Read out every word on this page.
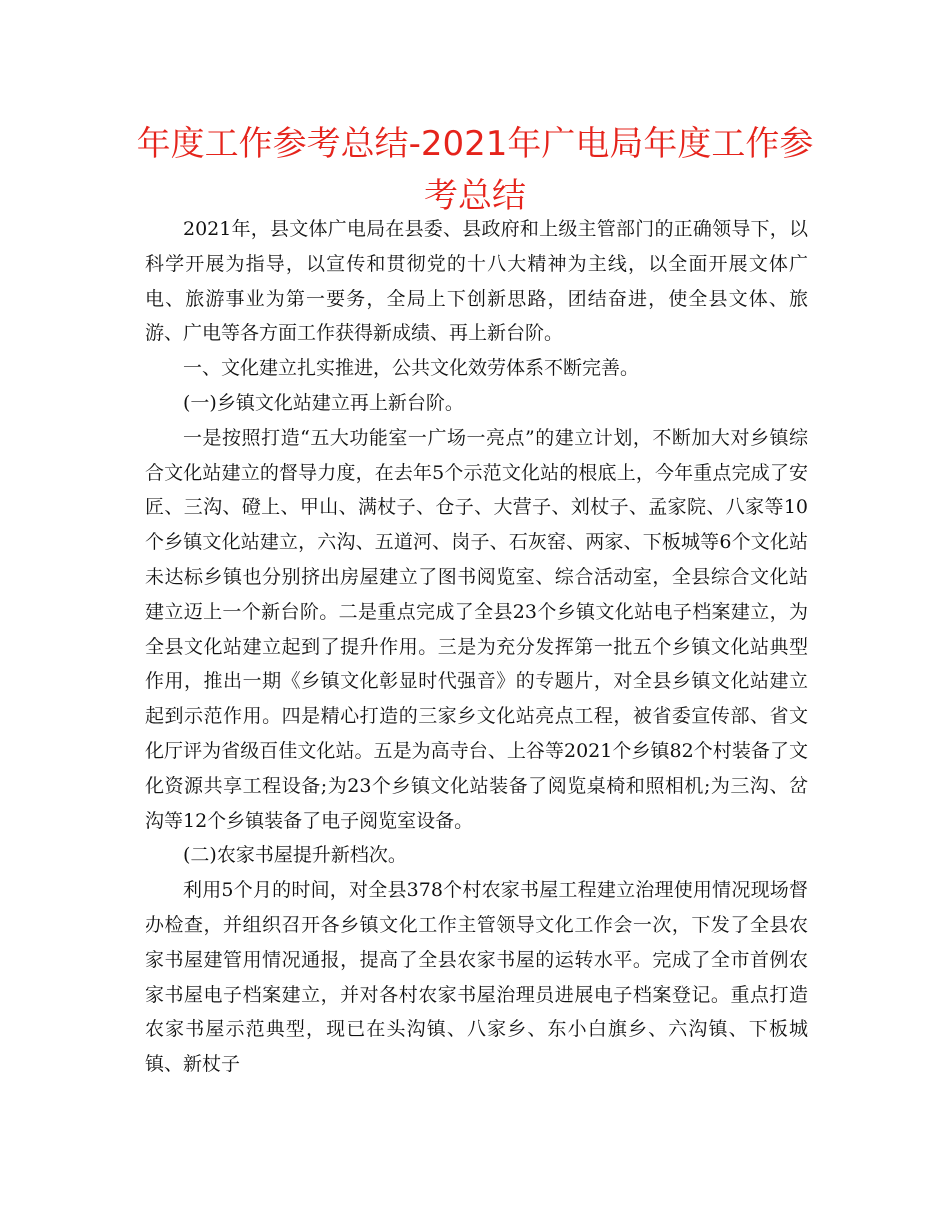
年度工作参考总结-2021年广电局年度工作参考总结

2021年，县文体广电局在县委、县政府和上级主管部门的正确领导下，以科学开展为指导，以宣传和贯彻党的十八大精神为主线，以全面开展文体广电、旅游事业为第一要务，全局上下创新思路，团结奋进，使全县文体、旅游、广电等各方面工作获得新成绩、再上新台阶。

一、文化建立扎实推进，公共文化效劳体系不断完善。

(一)乡镇文化站建立再上新台阶。

一是按照打造“五大功能室一广场一亮点”的建立计划，不断加大对乡镇综合文化站建立的督导力度，在去年5个示范文化站的根底上，今年重点完成了安匠、三沟、磴上、甲山、满杖子、仓子、大营子、刘杖子、孟家院、八家等10个乡镇文化站建立，六沟、五道河、岗子、石灰窑、两家、下板城等6个文化站未达标乡镇也分别挤出房屋建立了图书阅览室、综合活动室，全县综合文化站建立迈上一个新台阶。二是重点完成了全县23个乡镇文化站电子档案建立，为全县文化站建立起到了提升作用。三是为充分发挥第一批五个乡镇文化站典型作用，推出一期《乡镇文化彰显时代强音》的专题片，对全县乡镇文化站建立起到示范作用。四是精心打造的三家乡文化站亮点工程，被省委宣传部、省文化厅评为省级百佳文化站。五是为高寺台、上谷等2021个乡镇82个村装备了文化资源共享工程设备;为23个乡镇文化站装备了阅览桌椅和照相机;为三沟、岔沟等12个乡镇装备了电子阅览室设备。

(二)农家书屋提升新档次。

利用5个月的时间，对全县378个村农家书屋工程建立治理使用情况现场督办检查，并组织召开各乡镇文化工作主管领导文化工作会一次，下发了全县农家书屋建管用情况通报，提高了全县农家书屋的运转水平。完成了全市首例农家书屋电子档案建立，并对各村农家书屋治理员进展电子档案登记。重点打造农家书屋示范典型，现已在头沟镇、八家乡、东小白旗乡、六沟镇、下板城镇、新杖子
